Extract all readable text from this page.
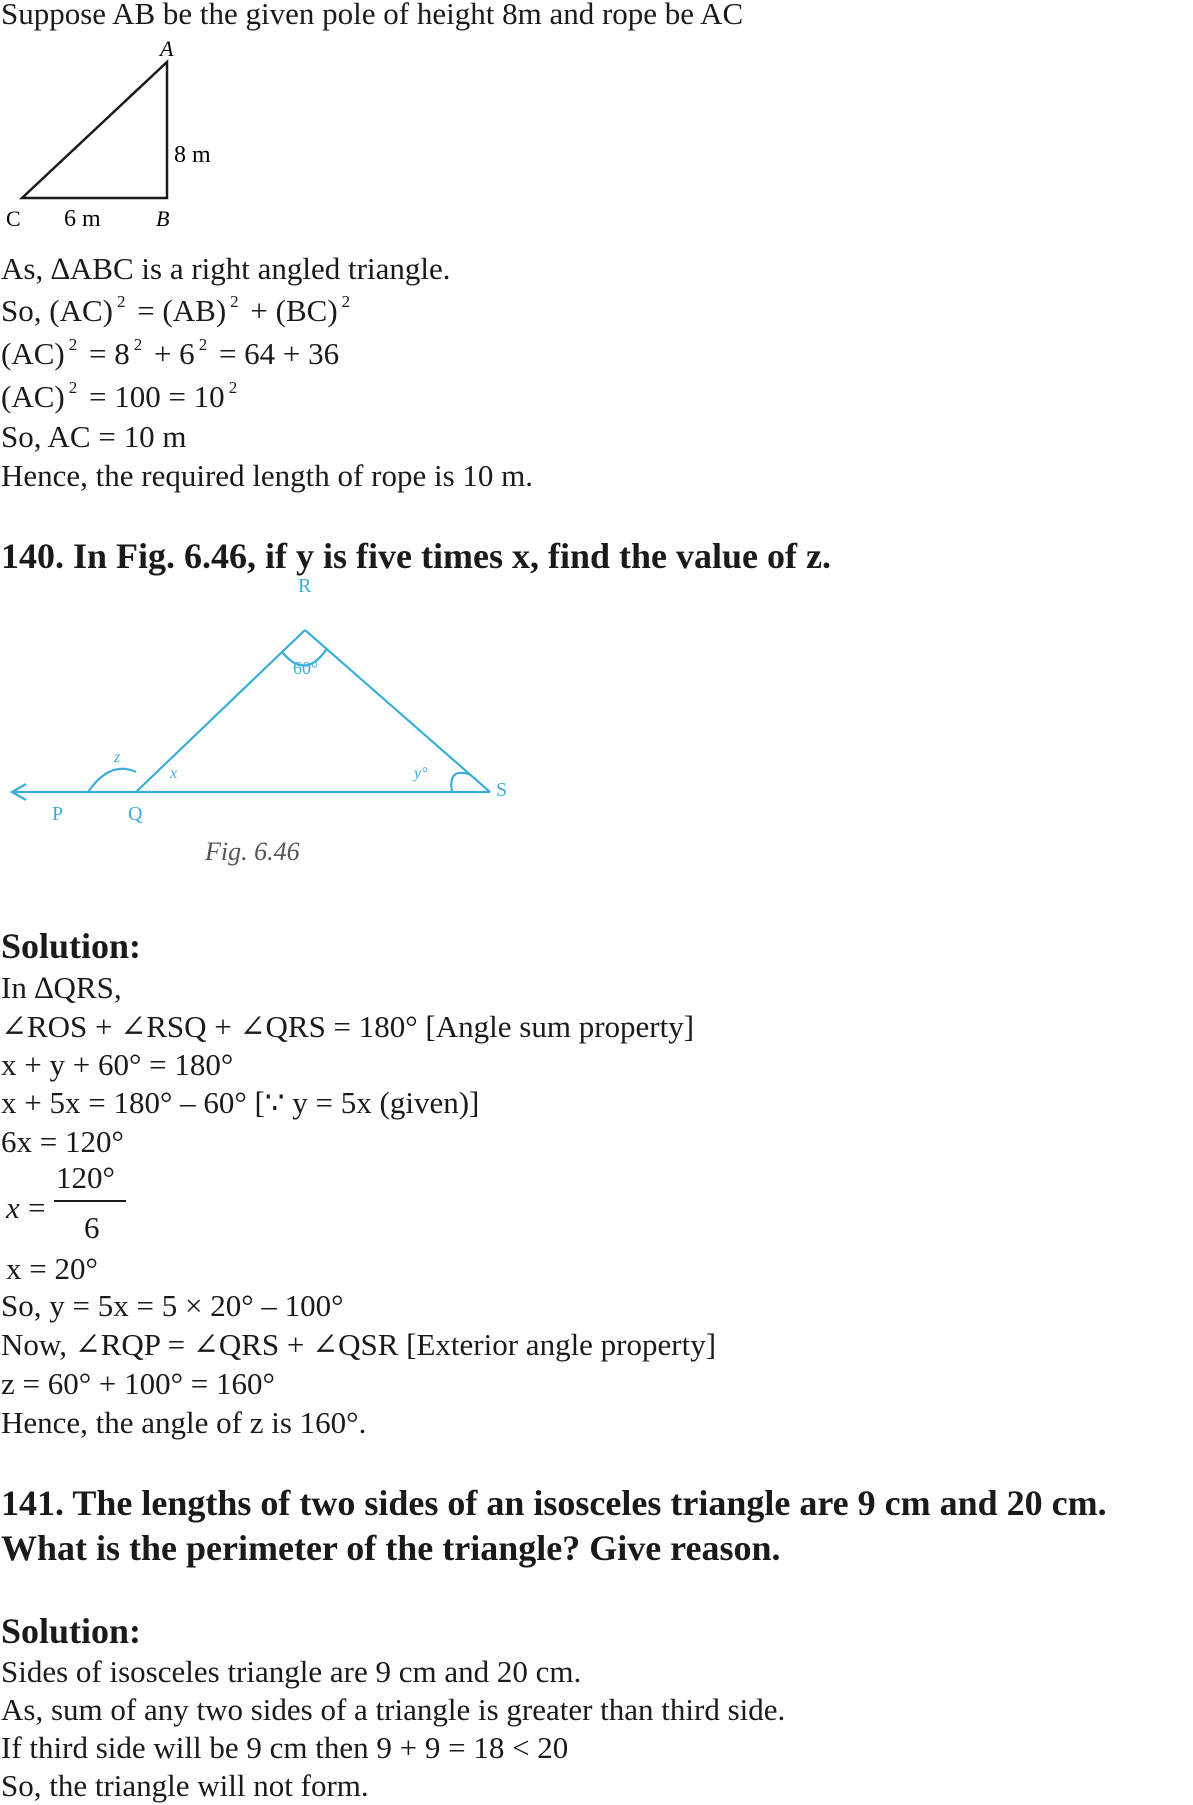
Suppose AB be the given pole of height 8m and rope be AC
A
B
C
8 m
6 m
As, ∆ABC is a right angled triangle.
So, (AC) $^2$ = (AB) $^2$ + (BC) $^2$
(AC) $^2$ = 8 $^2$ + 6 $^2$ = 64 + 36
(AC) $^2$ = 100 = 10 $^2$
So, AC = 10 m
Hence, the required length of rope is 10 m.
140. In Fig. 6.46, if y is five times x, find the value of z.
R
P	Q
S
60°
x	y°
z
Fig. 6.46
Solution:
In ∆QRS,
∠ROS + ∠RSQ + ∠QRS = 180° [Angle sum property]
x + y + 60° = 180°
x + 5x = 180° – 60° [∵ y = 5x (given)]
6x = 120°
x =
120°
6
x = 20°
So, y = 5x = 5 × 20° – 100°
Now, ∠RQP = ∠QRS + ∠QSR [Exterior angle property]
z = 60° + 100° = 160°
Hence, the angle of z is 160°.
141. The lengths of two sides of an isosceles triangle are 9 cm and 20 cm.
What is the perimeter of the triangle? Give reason.
Solution:
Sides of isosceles triangle are 9 cm and 20 cm.
As, sum of any two sides of a triangle is greater than third side.
If third side will be 9 cm then 9 + 9 = 18 < 20
So, the triangle will not form.
